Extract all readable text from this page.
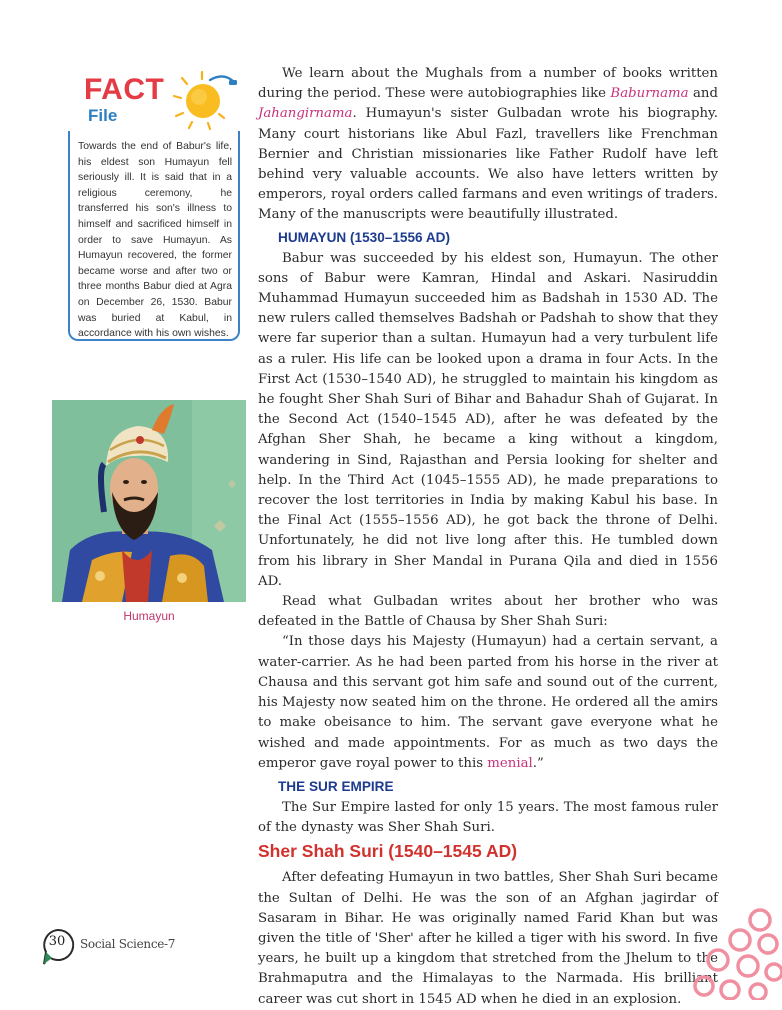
FACT
File

Towards the end of Babur's life, his eldest son Humayun fell seriously ill. It is said that in a religious ceremony, he transferred his son's illness to himself and sacrificed himself in order to save Humayun. As Humayun recovered, the former became worse and after two or three months Babur died at Agra on December 26, 1530. Babur was buried at Kabul, in accordance with his own wishes.

Humayun

We learn about the Mughals from a number of books written during the period. These were autobiographies like Baburnama and Jahangirnama. Humayun's sister Gulbadan wrote his biography. Many court historians like Abul Fazl, travellers like Frenchman Bernier and Christian missionaries like Father Rudolf have left behind very valuable accounts. We also have letters written by emperors, royal orders called farmans and even writings of traders. Many of the manuscripts were beautifully illustrated.

HUMAYUN (1530–1556 AD)

Babur was succeeded by his eldest son, Humayun. The other sons of Babur were Kamran, Hindal and Askari. Nasiruddin Muhammad Humayun succeeded him as Badshah in 1530 AD. The new rulers called themselves Badshah or Padshah to show that they were far superior than a sultan. Humayun had a very turbulent life as a ruler. His life can be looked upon a drama in four Acts. In the First Act (1530–1540 AD), he struggled to maintain his kingdom as he fought Sher Shah Suri of Bihar and Bahadur Shah of Gujarat. In the Second Act (1540–1545 AD), after he was defeated by the Afghan Sher Shah, he became a king without a kingdom, wandering in Sind, Rajasthan and Persia looking for shelter and help. In the Third Act (1045–1555 AD), he made preparations to recover the lost territories in India by making Kabul his base. In the Final Act (1555–1556 AD), he got back the throne of Delhi. Unfortunately, he did not live long after this. He tumbled down from his library in Sher Mandal in Purana Qila and died in 1556 AD.

Read what Gulbadan writes about her brother who was defeated in the Battle of Chausa by Sher Shah Suri:

“In those days his Majesty (Humayun) had a certain servant, a water-carrier. As he had been parted from his horse in the river at Chausa and this servant got him safe and sound out of the current, his Majesty now seated him on the throne. He ordered all the amirs to make obeisance to him. The servant gave everyone what he wished and made appointments. For as much as two days the emperor gave royal power to this menial.”

THE SUR EMPIRE

The Sur Empire lasted for only 15 years. The most famous ruler of the dynasty was Sher Shah Suri.

Sher Shah Suri (1540–1545 AD)

After defeating Humayun in two battles, Sher Shah Suri became the Sultan of Delhi. He was the son of an Afghan jagirdar of Sasaram in Bihar. He was originally named Farid Khan but was given the title of 'Sher' after he killed a tiger with his sword. In five years, he built up a kingdom that stretched from the Jhelum to the Brahmaputra and the Himalayas to the Narmada. His brilliant career was cut short in 1545 AD when he died in an explosion.

30	Social Science-7
